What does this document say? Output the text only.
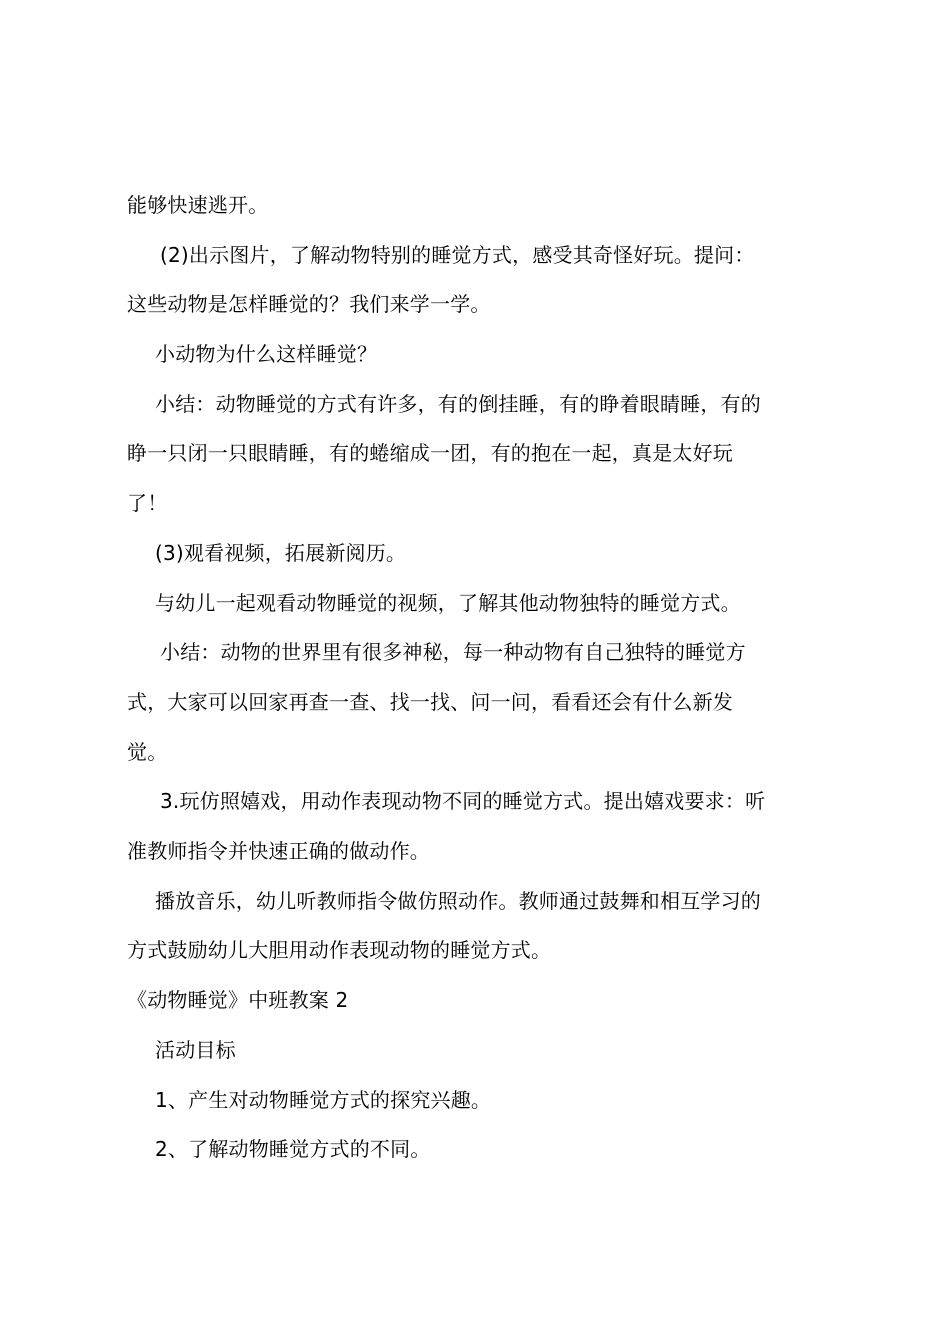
能够快速逃开。
(2)出示图片，了解动物特别的睡觉方式，感受其奇怪好玩。提问：
这些动物是怎样睡觉的？我们来学一学。
小动物为什么这样睡觉？
小结：动物睡觉的方式有许多，有的倒挂睡，有的睁着眼睛睡，有的
睁一只闭一只眼睛睡，有的蜷缩成一团，有的抱在一起，真是太好玩
了！
(3)观看视频，拓展新阅历。
与幼儿一起观看动物睡觉的视频，了解其他动物独特的睡觉方式。
小结：动物的世界里有很多神秘，每一种动物有自己独特的睡觉方
式，大家可以回家再查一查、找一找、问一问，看看还会有什么新发
觉。
3.玩仿照嬉戏，用动作表现动物不同的睡觉方式。提出嬉戏要求：听
准教师指令并快速正确的做动作。
播放音乐，幼儿听教师指令做仿照动作。教师通过鼓舞和相互学习的
方式鼓励幼儿大胆用动作表现动物的睡觉方式。
《动物睡觉》中班教案 2
活动目标
1、产生对动物睡觉方式的探究兴趣。
2、了解动物睡觉方式的不同。
